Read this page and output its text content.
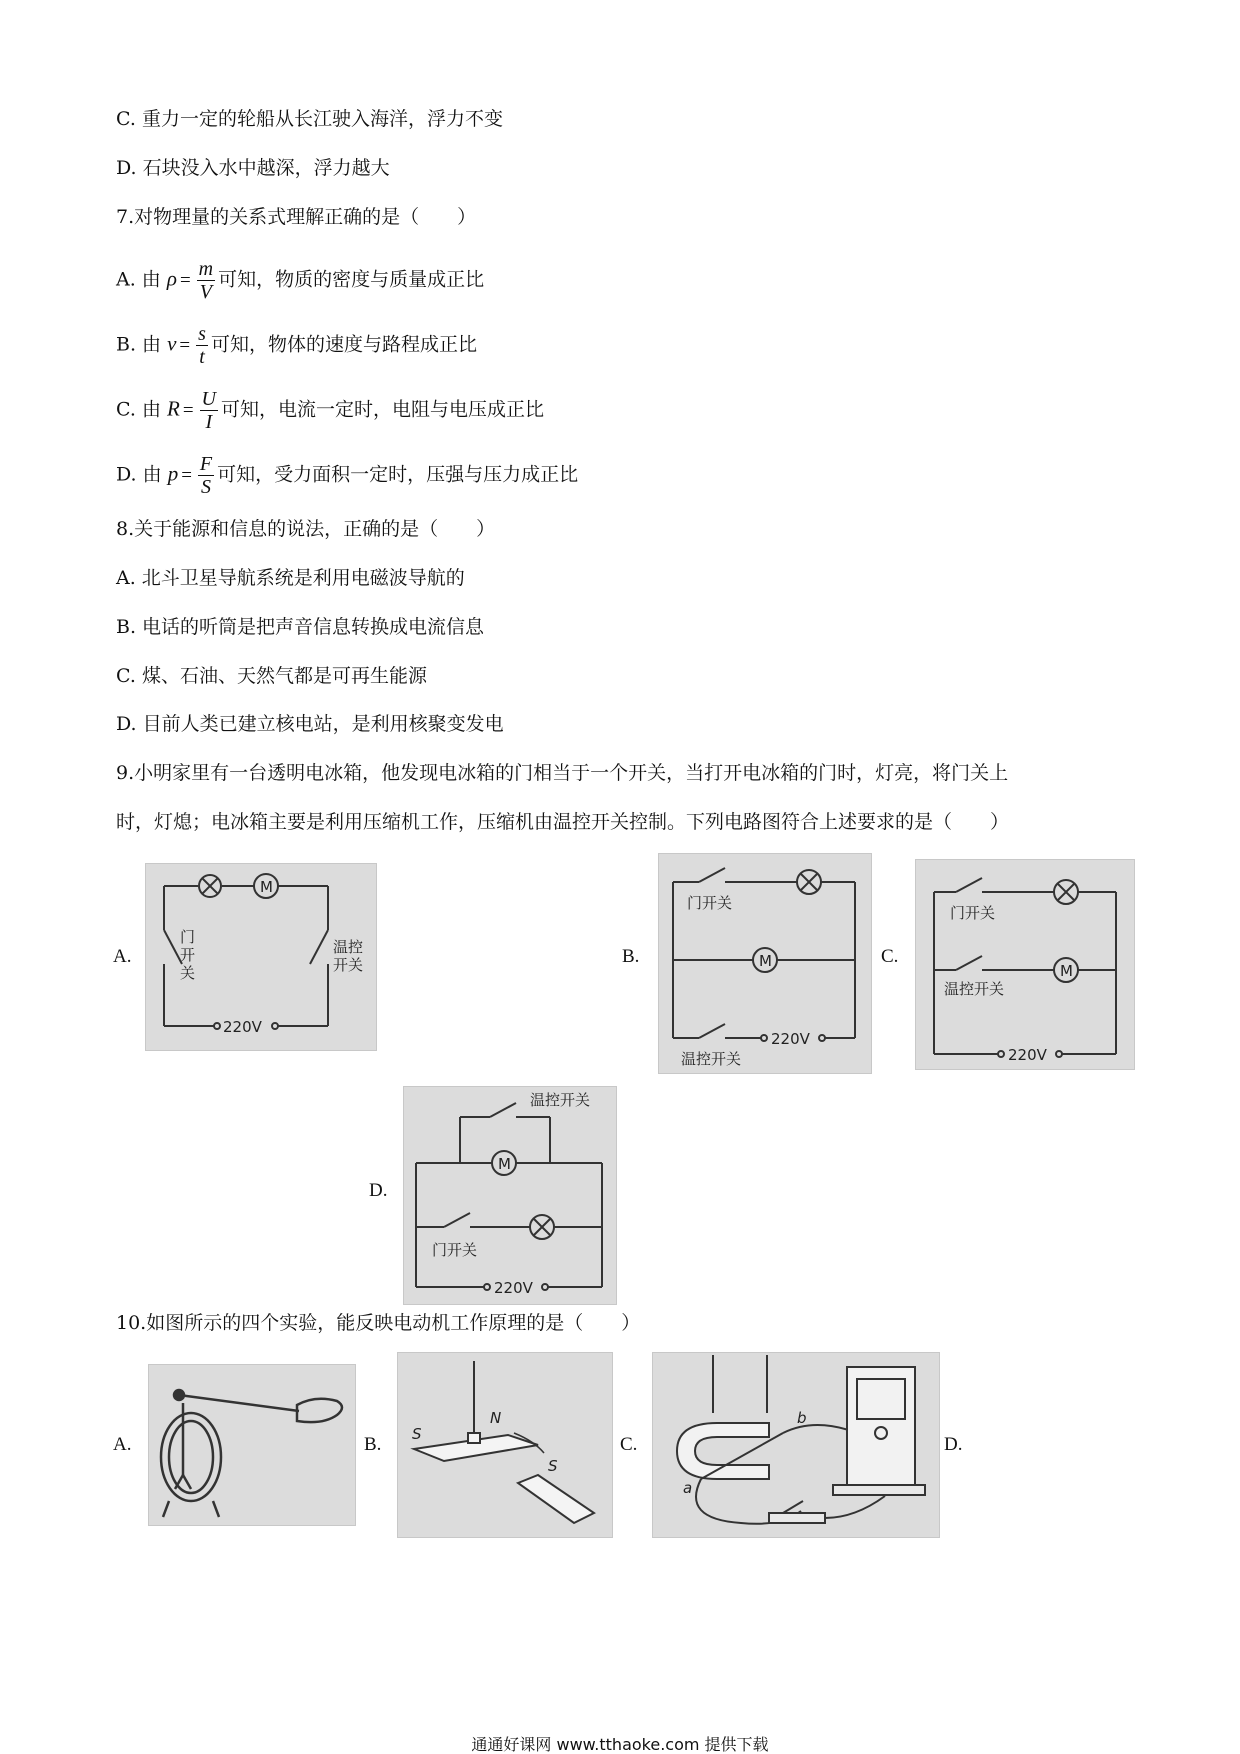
C. 重力一定的轮船从长江驶入海洋，浮力不变
D. 石块没入水中越深，浮力越大
7.对物理量的关系式理解正确的是（　　）
A. 由 $\rho = \frac{m}{V}$ 可知，物质的密度与质量成正比
B. 由 $v = \frac{s}{t}$ 可知，物体的速度与路程成正比
C. 由 $R = \frac{U}{I}$ 可知，电流一定时，电阻与电压成正比
D. 由 $p = \frac{F}{S}$ 可知，受力面积一定时，压强与压力成正比
8.关于能源和信息的说法，正确的是（　　）
A. 北斗卫星导航系统是利用电磁波导航的
B. 电话的听筒是把声音信息转换成电流信息
C. 煤、石油、天然气都是可再生能源
D. 目前人类已建立核电站，是利用核聚变发电
9.小明家里有一台透明电冰箱，他发现电冰箱的门相当于一个开关，当打开电冰箱的门时，灯亮，将门关上
时，灯熄；电冰箱主要是利用压缩机工作，压缩机由温控开关控制。下列电路图符合上述要求的是（　　）
A.
M
门
开
关
温控
开关
220V
B.
门开关
M
220V
温控开关
C.
门开关
M
温控开关
220V
D.
温控开关
M
门开关
220V
10.如图所示的四个实验，能反映电动机工作原理的是（　　）
A.	B. S
N
S
C.	D.
a
b
通通好课网 www.tthaoke.com 提供下载
